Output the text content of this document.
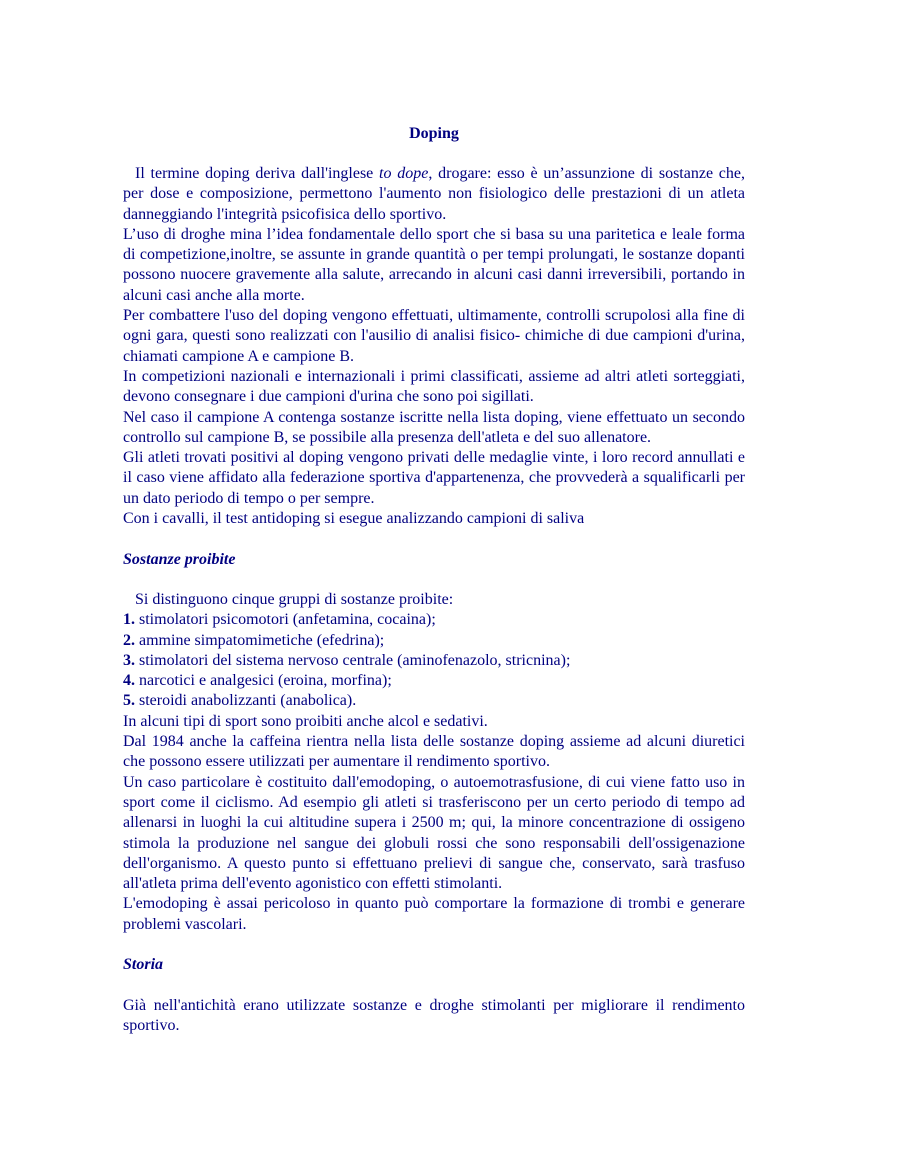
Doping

Il termine doping deriva dall'inglese to dope, drogare: esso è un’assunzione di sostanze che, per dose e composizione, permettono l'aumento non fisiologico delle prestazioni di un atleta danneggiando l'integrità psicofisica dello sportivo.

L’uso di droghe mina l’idea fondamentale dello sport che si basa su una paritetica e leale forma di competizione,inoltre, se assunte in grande quantità o per tempi prolungati, le sostanze dopanti possono nuocere gravemente alla salute, arrecando in alcuni casi danni irreversibili, portando in alcuni casi anche alla morte.

Per combattere l'uso del doping vengono effettuati, ultimamente, controlli scrupolosi alla fine di ogni gara, questi sono realizzati con l'ausilio di analisi fisico- chimiche di due campioni d'urina, chiamati campione A e campione B.

In competizioni nazionali e internazionali i primi classificati, assieme ad altri atleti sorteggiati, devono consegnare i due campioni d'urina che sono poi sigillati.

Nel caso il campione A contenga sostanze iscritte nella lista doping, viene effettuato un secondo controllo sul campione B, se possibile alla presenza dell'atleta e del suo allenatore.

Gli atleti trovati positivi al doping vengono privati delle medaglie vinte, i loro record annullati e il caso viene affidato alla federazione sportiva d'appartenenza, che provvederà a squalificarli per un dato periodo di tempo o per sempre.

Con i cavalli, il test antidoping si esegue analizzando campioni di saliva

Sostanze proibite

Si distinguono cinque gruppi di sostanze proibite:

1. stimolatori psicomotori (anfetamina, cocaina);

2. ammine simpatomimetiche (efedrina);

3. stimolatori del sistema nervoso centrale (aminofenazolo, stricnina);

4. narcotici e analgesici (eroina, morfina);

5. steroidi anabolizzanti (anabolica).

In alcuni tipi di sport sono proibiti anche alcol e sedativi.

Dal 1984 anche la caffeina rientra nella lista delle sostanze doping assieme ad alcuni diuretici che possono essere utilizzati per aumentare il rendimento sportivo.

Un caso particolare è costituito dall'emodoping, o autoemotrasfusione, di cui viene fatto uso in sport come il ciclismo. Ad esempio gli atleti si trasferiscono per un certo periodo di tempo ad allenarsi in luoghi la cui altitudine supera i 2500 m; qui, la minore concentrazione di ossigeno stimola la produzione nel sangue dei globuli rossi che sono responsabili dell'ossigenazione dell'organismo. A questo punto si effettuano prelievi di sangue che, conservato, sarà trasfuso all'atleta prima dell'evento agonistico con effetti stimolanti.

L'emodoping è assai pericoloso in quanto può comportare la formazione di trombi e generare problemi vascolari.

Storia

Già nell'antichità erano utilizzate sostanze e droghe stimolanti per migliorare il rendimento sportivo.
